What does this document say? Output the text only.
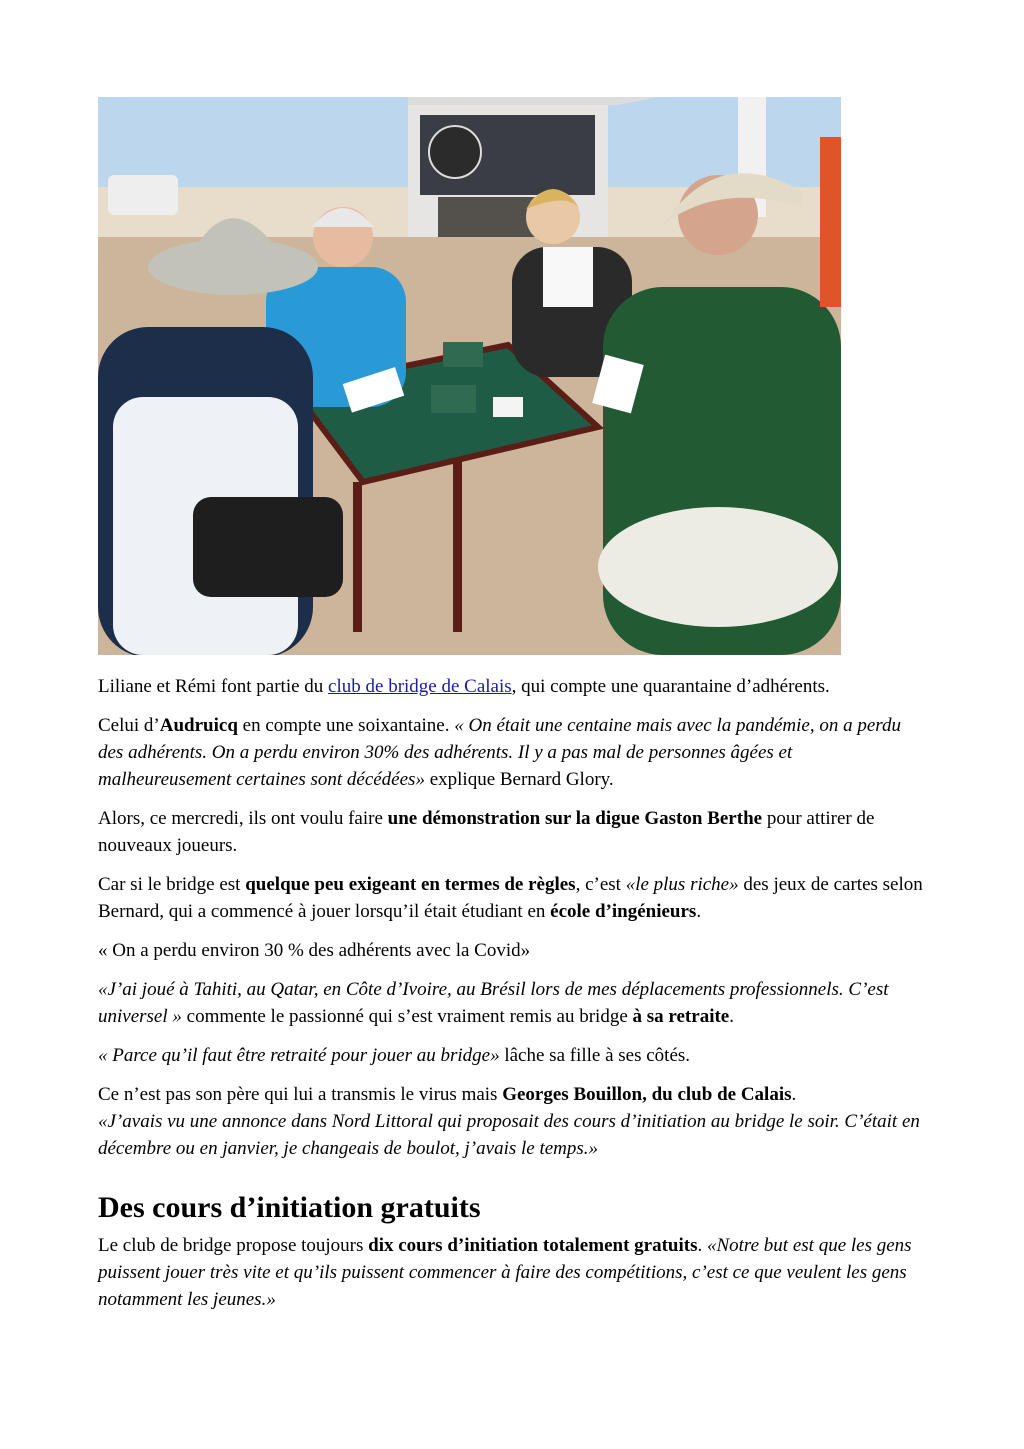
Liliane et Rémi font partie du club de bridge de Calais, qui compte une quarantaine d’adhérents.

Celui d’Audruicq en compte une soixantaine. « On était une centaine mais avec la pandémie, on a perdu des adhérents. On a perdu environ 30% des adhérents. Il y a pas mal de personnes âgées et malheureusement certaines sont décédées» explique Bernard Glory.

Alors, ce mercredi, ils ont voulu faire une démonstration sur la digue Gaston Berthe pour attirer de nouveaux joueurs.

Car si le bridge est quelque peu exigeant en termes de règles, c’est «le plus riche» des jeux de cartes selon Bernard, qui a commencé à jouer lorsqu’il était étudiant en école d’ingénieurs.

« On a perdu environ 30 % des adhérents avec la Covid»

«J’ai joué à Tahiti, au Qatar, en Côte d’Ivoire, au Brésil lors de mes déplacements professionnels. C’est universel » commente le passionné qui s’est vraiment remis au bridge à sa retraite.

« Parce qu’il faut être retraité pour jouer au bridge» lâche sa fille à ses côtés.

Ce n’est pas son père qui lui a transmis le virus mais Georges Bouillon, du club de Calais.
«J’avais vu une annonce dans Nord Littoral qui proposait des cours d’initiation au bridge le soir. C’était en décembre ou en janvier, je changeais de boulot, j’avais le temps.»

Des cours d’initiation gratuits

Le club de bridge propose toujours dix cours d’initiation totalement gratuits. «Notre but est que les gens puissent jouer très vite et qu’ils puissent commencer à faire des compétitions, c’est ce que veulent les gens notamment les jeunes.»
